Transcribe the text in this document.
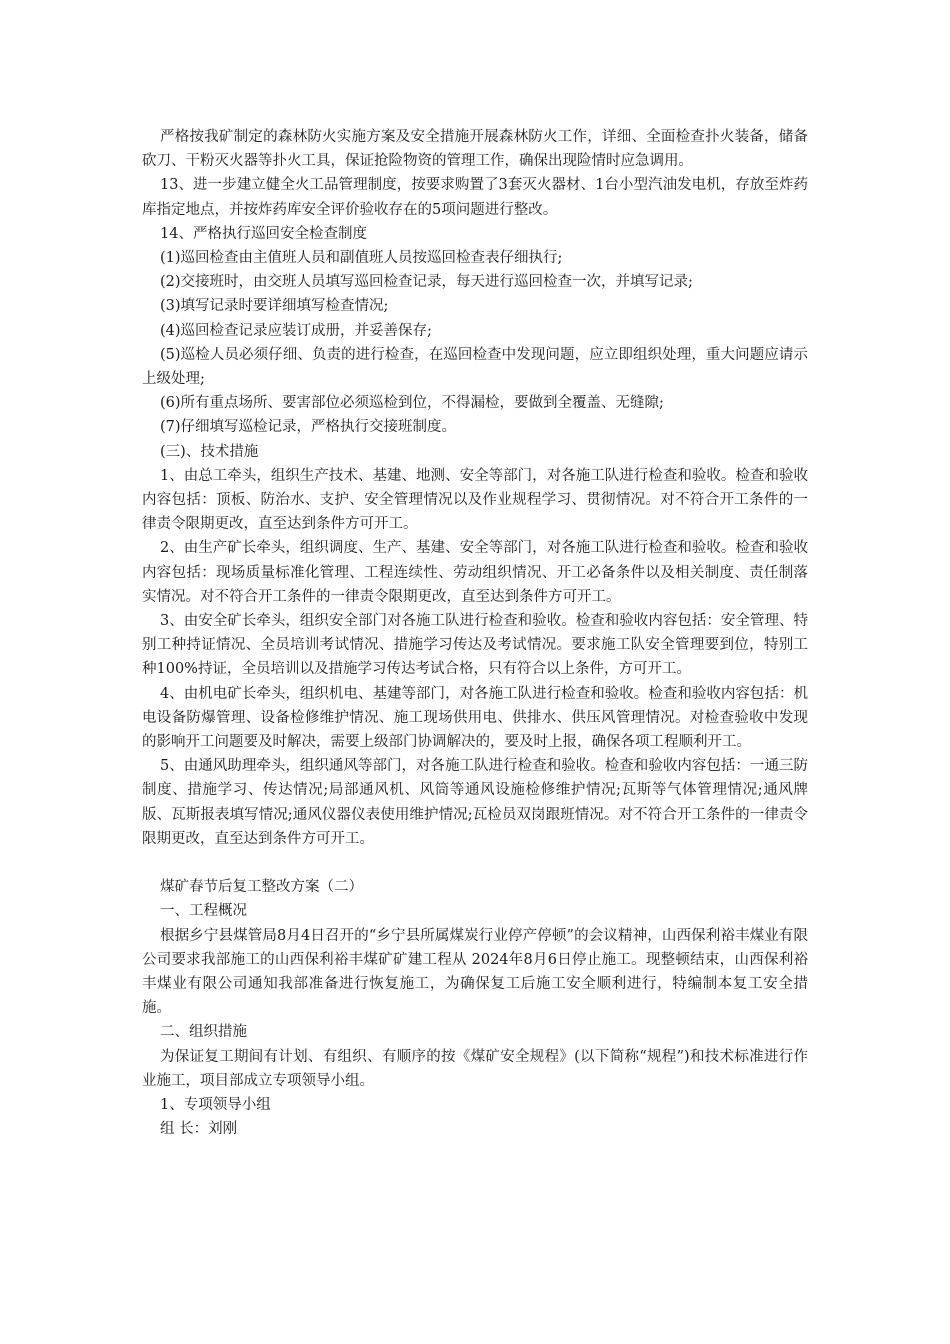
严格按我矿制定的森林防火实施方案及安全措施开展森林防火工作，详细、全面检查扑火装备，储备砍刀、干粉灭火器等扑火工具，保证抢险物资的管理工作，确保出现险情时应急调用。

13、进一步建立健全火工品管理制度，按要求购置了3套灭火器材、1台小型汽油发电机，存放至炸药库指定地点，并按炸药库安全评价验收存在的5项问题进行整改。

14、严格执行巡回安全检查制度

(1)巡回检查由主值班人员和副值班人员按巡回检查表仔细执行;

(2)交接班时，由交班人员填写巡回检查记录，每天进行巡回检查一次，并填写记录;

(3)填写记录时要详细填写检查情况;

(4)巡回检查记录应装订成册，并妥善保存;

(5)巡检人员必须仔细、负责的进行检查，在巡回检查中发现问题，应立即组织处理，重大问题应请示上级处理;

(6)所有重点场所、要害部位必须巡检到位，不得漏检，要做到全覆盖、无缝隙;

(7)仔细填写巡检记录，严格执行交接班制度。

(三)、技术措施

1、由总工牵头，组织生产技术、基建、地测、安全等部门，对各施工队进行检查和验收。检查和验收内容包括：顶板、防治水、支护、安全管理情况以及作业规程学习、贯彻情况。对不符合开工条件的一律责令限期更改，直至达到条件方可开工。

2、由生产矿长牵头，组织调度、生产、基建、安全等部门，对各施工队进行检查和验收。检查和验收内容包括：现场质量标准化管理、工程连续性、劳动组织情况、开工必备条件以及相关制度、责任制落实情况。对不符合开工条件的一律责令限期更改，直至达到条件方可开工。

3、由安全矿长牵头，组织安全部门对各施工队进行检查和验收。检查和验收内容包括：安全管理、特别工种持证情况、全员培训考试情况、措施学习传达及考试情况。要求施工队安全管理要到位，特别工种100%持证，全员培训以及措施学习传达考试合格，只有符合以上条件，方可开工。

4、由机电矿长牵头，组织机电、基建等部门，对各施工队进行检查和验收。检查和验收内容包括：机电设备防爆管理、设备检修维护情况、施工现场供用电、供排水、供压风管理情况。对检查验收中发现的影响开工问题要及时解决，需要上级部门协调解决的，要及时上报，确保各项工程顺利开工。

5、由通风助理牵头，组织通风等部门，对各施工队进行检查和验收。检查和验收内容包括：一通三防制度、措施学习、传达情况;局部通风机、风筒等通风设施检修维护情况;瓦斯等气体管理情况;通风牌版、瓦斯报表填写情况;通风仪器仪表使用维护情况;瓦检员双岗跟班情况。对不符合开工条件的一律责令限期更改，直至达到条件方可开工。

煤矿春节后复工整改方案（二）

一、工程概况

根据乡宁县煤管局8月4日召开的“乡宁县所属煤炭行业停产停顿”的会议精神，山西保利裕丰煤业有限公司要求我部施工的山西保利裕丰煤矿矿建工程从 2024年8月6日停止施工。现整顿结束，山西保利裕丰煤业有限公司通知我部准备进行恢复施工，为确保复工后施工安全顺利进行，特编制本复工安全措施。

二、组织措施

为保证复工期间有计划、有组织、有顺序的按《煤矿安全规程》(以下简称“规程”)和技术标准进行作业施工，项目部成立专项领导小组。

1、专项领导小组

组 长：刘刚
